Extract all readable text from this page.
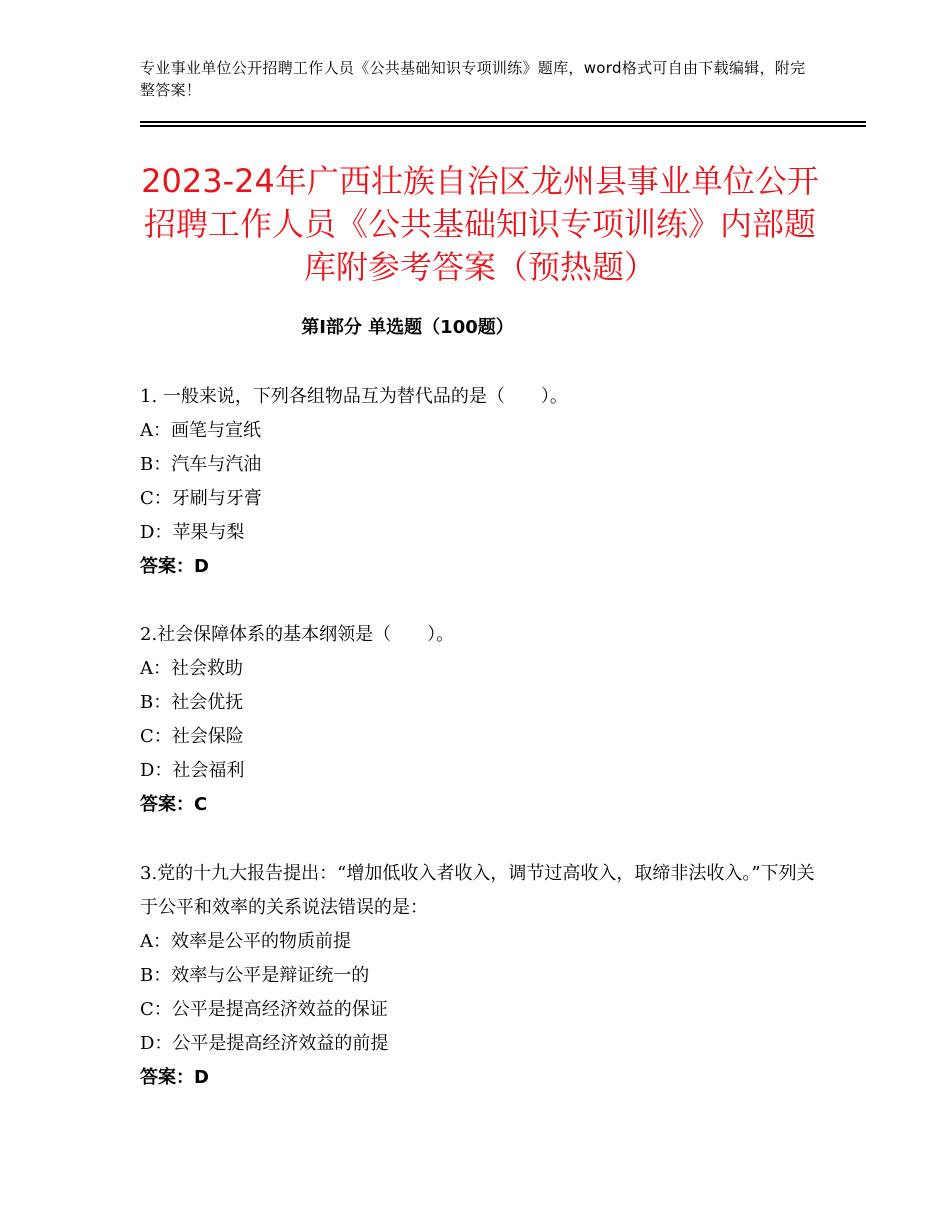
专业事业单位公开招聘工作人员《公共基础知识专项训练》题库，word格式可自由下载编辑，附完整答案！
2023-24年广西壮族自治区龙州县事业单位公开招聘工作人员《公共基础知识专项训练》内部题库附参考答案（预热题）
第Ⅰ部分 单选题（100题）

1. 一般来说，下列各组物品互为替代品的是（　　）。

A：画笔与宣纸
B：汽车与汽油
C：牙刷与牙膏
D：苹果与梨
答案：D

2.社会保障体系的基本纲领是（　　）。

A：社会救助
B：社会优抚
C：社会保险
D：社会福利
答案：C

3.党的十九大报告提出：“增加低收入者收入，调节过高收入，取缔非法收入。”下列关于公平和效率的关系说法错误的是：

A：效率是公平的物质前提
B：效率与公平是辩证统一的
C：公平是提高经济效益的保证
D：公平是提高经济效益的前提
答案：D
